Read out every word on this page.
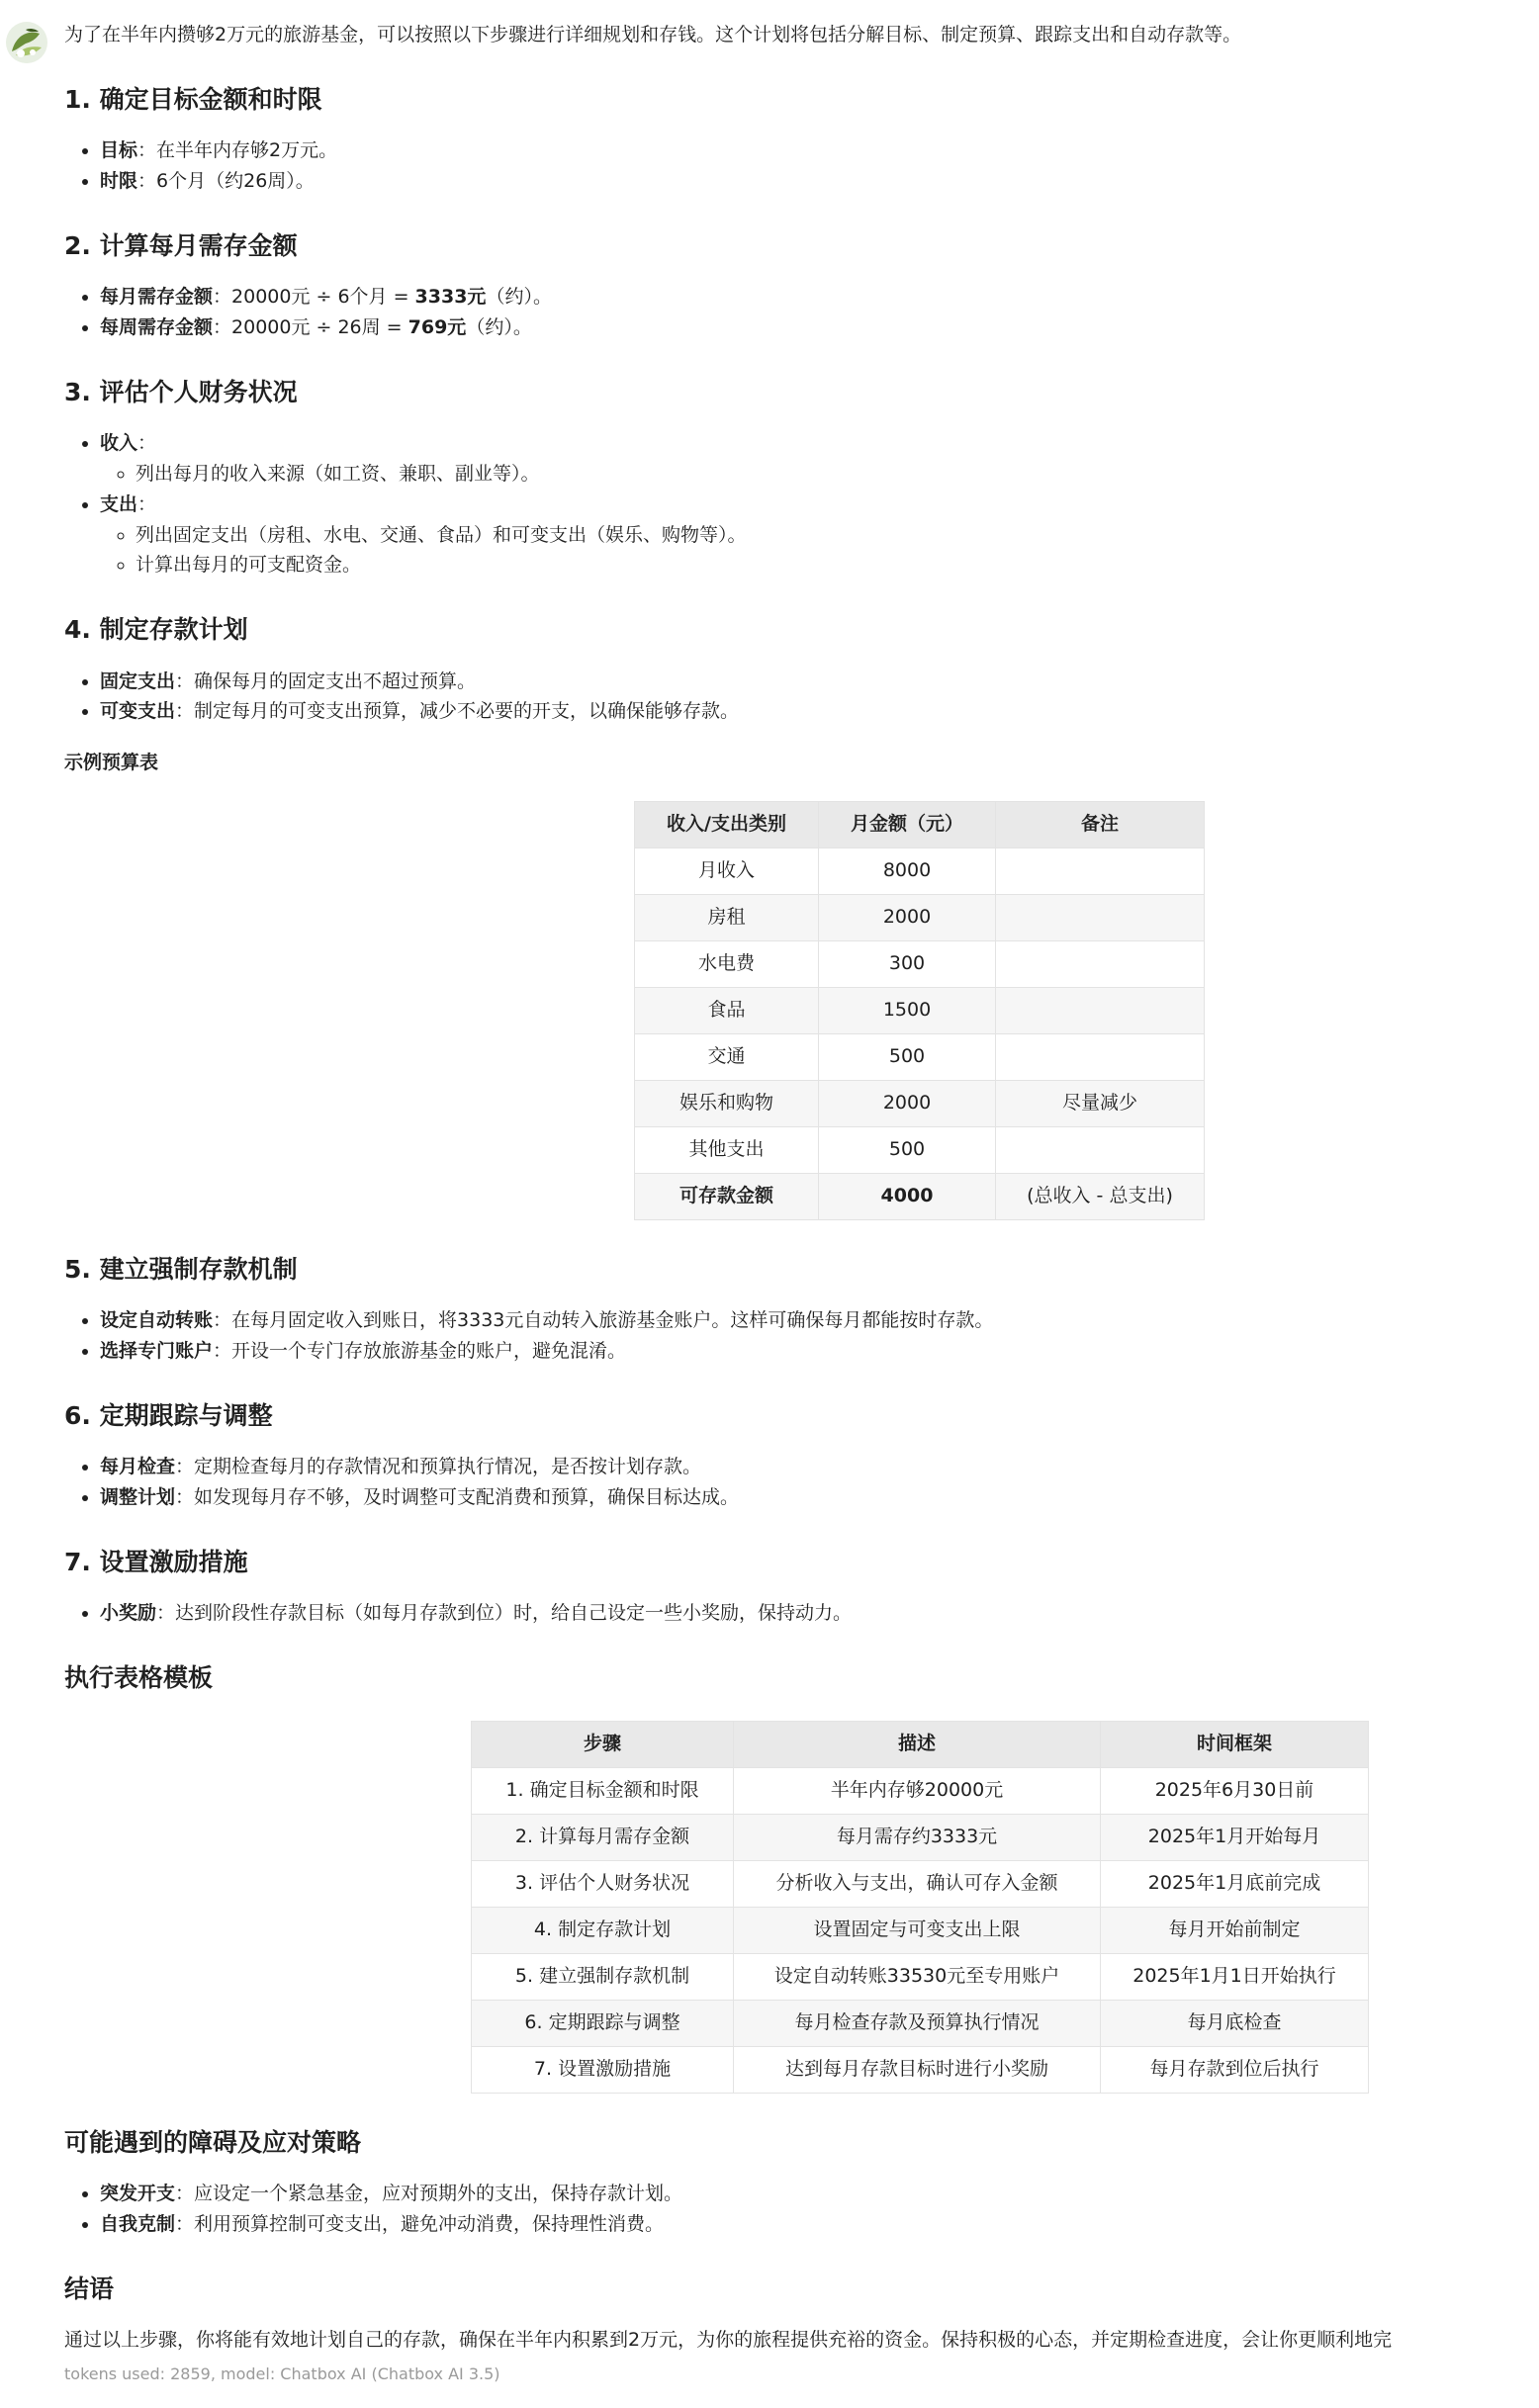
为了在半年内攒够2万元的旅游基金，可以按照以下步骤进行详细规划和存钱。这个计划将包括分解目标、制定预算、跟踪支出和自动存款等。

1. 确定目标金额和时限
• 目标：在半年内存够2万元。
• 时限：6个月（约26周）。
2. 计算每月需存金额
• 每月需存金额：20000元 ÷ 6个月 = 3333元（约）。
• 每周需存金额：20000元 ÷ 26周 = 769元（约）。
3. 评估个人财务状况
• 收入：
◦ 列出每月的收入来源（如工资、兼职、副业等）。
• 支出：
◦ 列出固定支出（房租、水电、交通、食品）和可变支出（娱乐、购物等）。
◦ 计算出每月的可支配资金。
4. 制定存款计划
• 固定支出：确保每月的固定支出不超过预算。
• 可变支出：制定每月的可变支出预算，减少不必要的开支，以确保能够存款。
示例预算表
收入/支出类别	月金额（元）	备注
月收入	8000	
房租	2000	
水电费	300	
食品	1500	
交通	500	
娱乐和购物	2000	尽量减少
其他支出	500	
可存款金额	4000	(总收入 - 总支出)
5. 建立强制存款机制
• 设定自动转账：在每月固定收入到账日，将3333元自动转入旅游基金账户。这样可确保每月都能按时存款。
• 选择专门账户：开设一个专门存放旅游基金的账户，避免混淆。
6. 定期跟踪与调整
• 每月检查：定期检查每月的存款情况和预算执行情况，是否按计划存款。
• 调整计划：如发现每月存不够，及时调整可支配消费和预算，确保目标达成。
7. 设置激励措施
• 小奖励：达到阶段性存款目标（如每月存款到位）时，给自己设定一些小奖励，保持动力。
执行表格模板
步骤	描述	时间框架
1. 确定目标金额和时限	半年内存够20000元	2025年6月30日前
2. 计算每月需存金额	每月需存约3333元	2025年1月开始每月
3. 评估个人财务状况	分析收入与支出，确认可存入金额	2025年1月底前完成
4. 制定存款计划	设置固定与可变支出上限	每月开始前制定
5. 建立强制存款机制	设定自动转账33530元至专用账户	2025年1月1日开始执行
6. 定期跟踪与调整	每月检查存款及预算执行情况	每月底检查
7. 设置激励措施	达到每月存款目标时进行小奖励	每月存款到位后执行
可能遇到的障碍及应对策略
• 突发开支：应设定一个紧急基金，应对预期外的支出，保持存款计划。
• 自我克制：利用预算控制可变支出，避免冲动消费，保持理性消费。
结语

通过以上步骤，你将能有效地计划自己的存款，确保在半年内积累到2万元，为你的旅程提供充裕的资金。保持积极的心态，并定期检查进度，会让你更顺利地完

tokens used: 2859, model: Chatbox AI (Chatbox AI 3.5)
